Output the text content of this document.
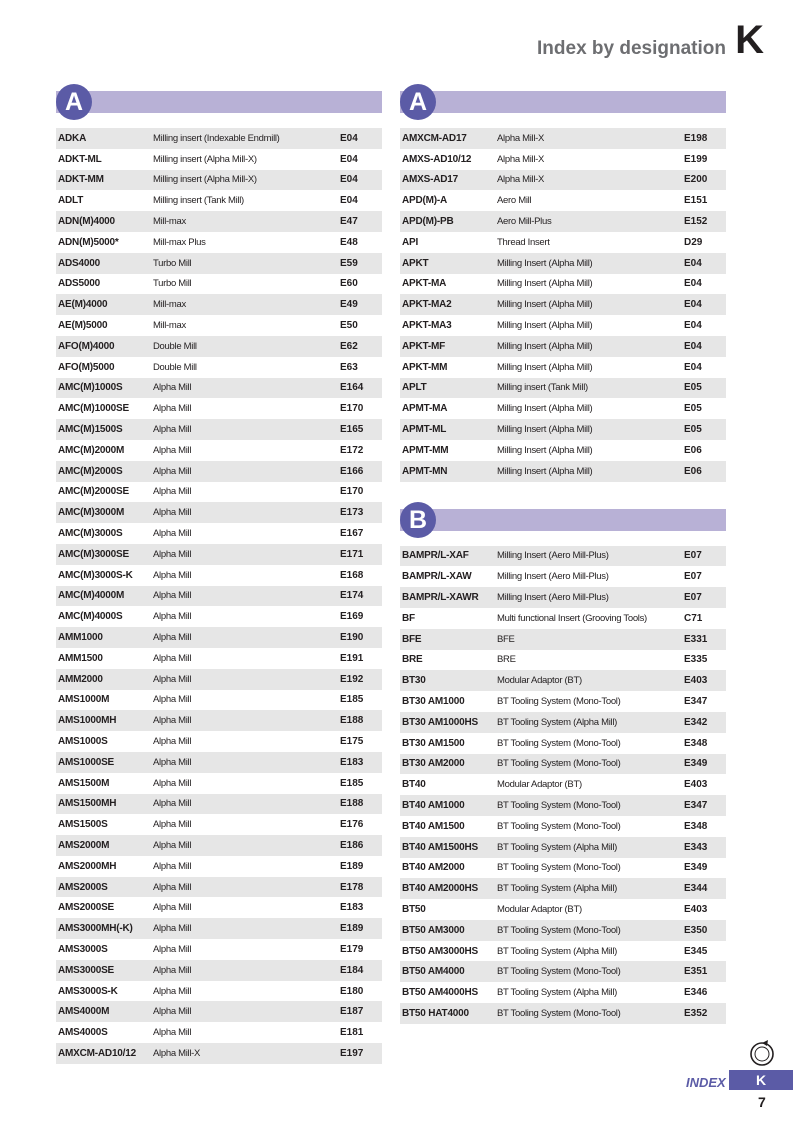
Index by designation K
A
ADKA	Milling insert (Indexable Endmill)	E04
ADKT-ML	Milling insert (Alpha Mill-X)	E04
ADKT-MM	Milling insert (Alpha Mill-X)	E04
ADLT	Milling insert (Tank Mill)	E04
ADN(M)4000	Mill-max	E47
ADN(M)5000*	Mill-max Plus	E48
ADS4000	Turbo Mill	E59
ADS5000	Turbo Mill	E60
AE(M)4000	Mill-max	E49
AE(M)5000	Mill-max	E50
AFO(M)4000	Double Mill	E62
AFO(M)5000	Double Mill	E63
AMC(M)1000S	Alpha Mill	E164
AMC(M)1000SE	Alpha Mill	E170
AMC(M)1500S	Alpha Mill	E165
AMC(M)2000M	Alpha Mill	E172
AMC(M)2000S	Alpha Mill	E166
AMC(M)2000SE	Alpha Mill	E170
AMC(M)3000M	Alpha Mill	E173
AMC(M)3000S	Alpha Mill	E167
AMC(M)3000SE	Alpha Mill	E171
AMC(M)3000S-K	Alpha Mill	E168
AMC(M)4000M	Alpha Mill	E174
AMC(M)4000S	Alpha Mill	E169
AMM1000	Alpha Mill	E190
AMM1500	Alpha Mill	E191
AMM2000	Alpha Mill	E192
AMS1000M	Alpha Mill	E185
AMS1000MH	Alpha Mill	E188
AMS1000S	Alpha Mill	E175
AMS1000SE	Alpha Mill	E183
AMS1500M	Alpha Mill	E185
AMS1500MH	Alpha Mill	E188
AMS1500S	Alpha Mill	E176
AMS2000M	Alpha Mill	E186
AMS2000MH	Alpha Mill	E189
AMS2000S	Alpha Mill	E178
AMS2000SE	Alpha Mill	E183
AMS3000MH(-K)	Alpha Mill	E189
AMS3000S	Alpha Mill	E179
AMS3000SE	Alpha Mill	E184
AMS3000S-K	Alpha Mill	E180
AMS4000M	Alpha Mill	E187
AMS4000S	Alpha Mill	E181
AMXCM-AD10/12	Alpha Mill-X	E197
A
AMXCM-AD17	Alpha Mill-X	E198
AMXS-AD10/12	Alpha Mill-X	E199
AMXS-AD17	Alpha Mill-X	E200
APD(M)-A	Aero Mill	E151
APD(M)-PB	Aero Mill-Plus	E152
API	Thread Insert	D29
APKT	Milling Insert (Alpha Mill)	E04
APKT-MA	Milling Insert (Alpha Mill)	E04
APKT-MA2	Milling Insert (Alpha Mill)	E04
APKT-MA3	Milling Insert (Alpha Mill)	E04
APKT-MF	Milling Insert (Alpha Mill)	E04
APKT-MM	Milling Insert (Alpha Mill)	E04
APLT	Milling insert (Tank Mill)	E05
APMT-MA	Milling Insert (Alpha Mill)	E05
APMT-ML	Milling Insert (Alpha Mill)	E05
APMT-MM	Milling Insert (Alpha Mill)	E06
APMT-MN	Milling Insert (Alpha Mill)	E06
B
BAMPR/L-XAF	Milling Insert (Aero Mill-Plus)	E07
BAMPR/L-XAW	Milling Insert (Aero Mill-Plus)	E07
BAMPR/L-XAWR	Milling Insert (Aero Mill-Plus)	E07
BF	Multi functional Insert (Grooving Tools)	C71
BFE	BFE	E331
BRE	BRE	E335
BT30	Modular Adaptor (BT)	E403
BT30 AM1000	BT Tooling System (Mono-Tool)	E347
BT30 AM1000HS	BT Tooling System (Alpha Mill)	E342
BT30 AM1500	BT Tooling System (Mono-Tool)	E348
BT30 AM2000	BT Tooling System (Mono-Tool)	E349
BT40	Modular Adaptor (BT)	E403
BT40 AM1000	BT Tooling System (Mono-Tool)	E347
BT40 AM1500	BT Tooling System (Mono-Tool)	E348
BT40 AM1500HS	BT Tooling System (Alpha Mill)	E343
BT40 AM2000	BT Tooling System (Mono-Tool)	E349
BT40 AM2000HS	BT Tooling System (Alpha Mill)	E344
BT50	Modular Adaptor (BT)	E403
BT50 AM3000	BT Tooling System (Mono-Tool)	E350
BT50 AM3000HS	BT Tooling System (Alpha Mill)	E345
BT50 AM4000	BT Tooling System (Mono-Tool)	E351
BT50 AM4000HS	BT Tooling System (Alpha Mill)	E346
BT50 HAT4000	BT Tooling System (Mono-Tool)	E352
INDEX	K
7
